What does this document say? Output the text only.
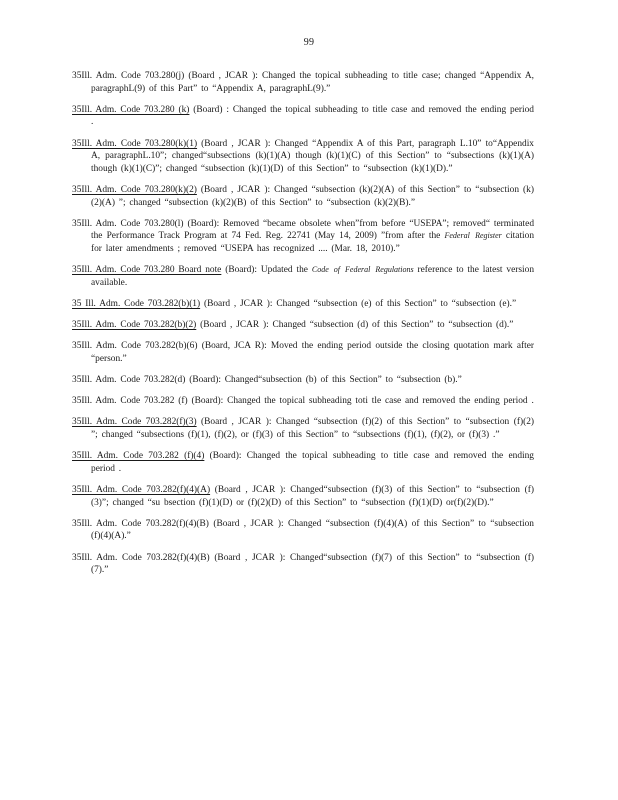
99

35Ill. Adm. Code 703.280(j) (Board , JCAR ): Changed the topical subheading to title case; changed “Appendix A, paragraphL(9) of this Part” to “Appendix A, paragraphL(9).”

35Ill. Adm. Code 703.280 (k) (Board) : Changed the topical subheading to title case and removed the ending period .

35Ill. Adm. Code 703.280(k)(1) (Board , JCAR ): Changed “Appendix A of this Part, paragraph L.10” to“Appendix A, paragraphL.10”; changed“subsections (k)(1)(A) though (k)(1)(C) of this Section” to “subsections (k)(1)(A) though (k)(1)(C)”; changed “subsection (k)(1)(D) of this Section” to “subsection (k)(1)(D).”

35Ill. Adm. Code 703.280(k)(2) (Board , JCAR ): Changed “subsection (k)(2)(A) of this Section” to “subsection (k)(2)(A) ”; changed “subsection (k)(2)(B) of this Section” to “subsection (k)(2)(B).”

35Ill. Adm. Code 703.280(l) (Board): Removed “became obsolete when”from before “USEPA”; removed“ terminated the Performance Track Program at 74 Fed. Reg. 22741 (May 14, 2009) ”from after the Federal Register citation for later amendments ; removed “USEPA has recognized .... (Mar. 18, 2010).”

35Ill. Adm. Code 703.280 Board note (Board): Updated the Code of Federal Regulations reference to the latest version available.

35 Ill. Adm. Code 703.282(b)(1) (Board , JCAR ): Changed “subsection (e) of this Section” to “subsection (e).”

35Ill. Adm. Code 703.282(b)(2) (Board , JCAR ): Changed “subsection (d) of this Section” to “subsection (d).”

35Ill. Adm. Code 703.282(b)(6) (Board, JCA R): Moved the ending period outside the closing quotation mark after “person.”

35Ill. Adm. Code 703.282(d) (Board): Changed“subsection (b) of this Section” to “subsection (b).”

35Ill. Adm. Code 703.282 (f) (Board): Changed the topical subheading toti tle case and removed the ending period .

35Ill. Adm. Code 703.282(f)(3) (Board , JCAR ): Changed “subsection (f)(2) of this Section” to “subsection (f)(2) ”; changed “subsections (f)(1), (f)(2), or (f)(3) of this Section” to “subsections (f)(1), (f)(2), or (f)(3) .”

35Ill. Adm. Code 703.282 (f)(4) (Board): Changed the topical subheading to title case and removed the ending period .

35Ill. Adm. Code 703.282(f)(4)(A) (Board , JCAR ): Changed“subsection (f)(3) of this Section” to “subsection (f)(3)”; changed “su bsection (f)(1)(D) or (f)(2)(D) of this Section” to “subsection (f)(1)(D) or(f)(2)(D).”

35Ill. Adm. Code 703.282(f)(4)(B) (Board , JCAR ): Changed “subsection (f)(4)(A) of this Section” to “subsection (f)(4)(A).”

35Ill. Adm. Code 703.282(f)(4)(B) (Board , JCAR ): Changed“subsection (f)(7) of this Section” to “subsection (f)(7).”
